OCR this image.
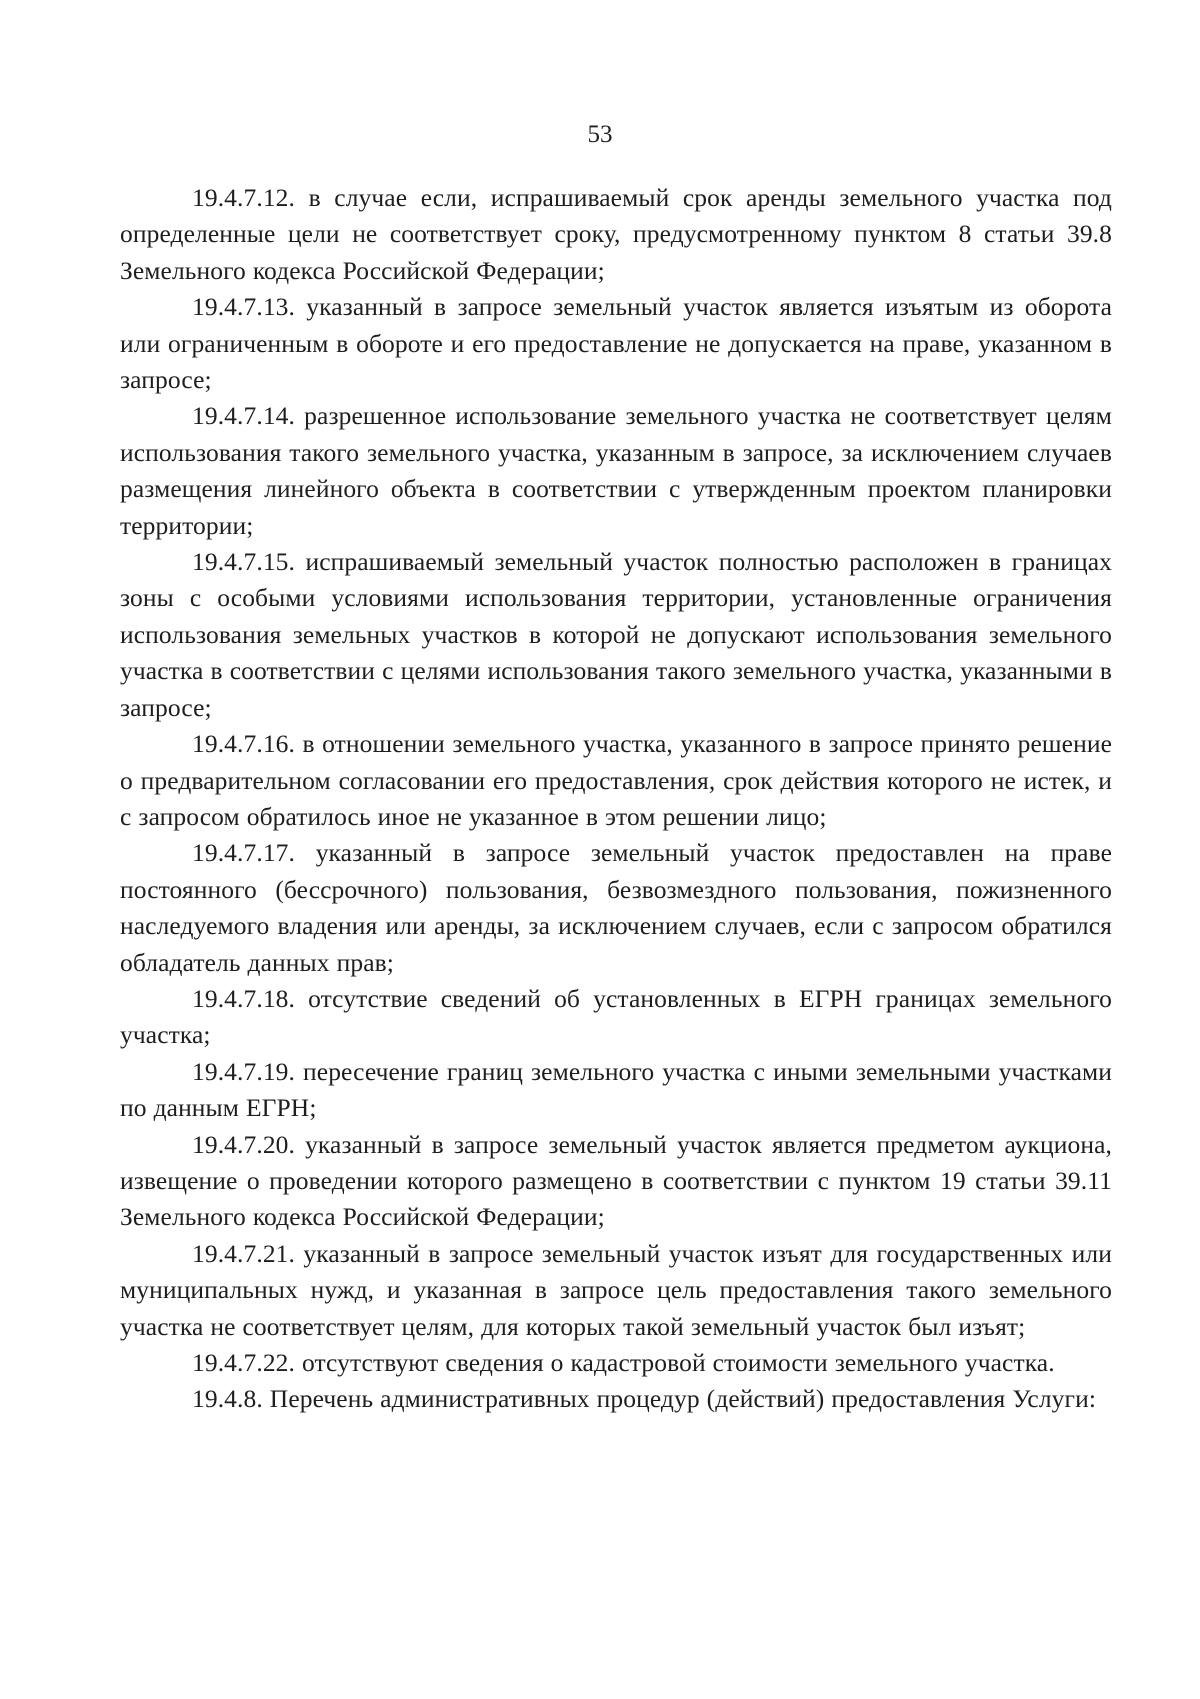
53

19.4.7.12. в случае если, испрашиваемый срок аренды земельного участка под определенные цели не соответствует сроку, предусмотренному пунктом 8 статьи 39.8 Земельного кодекса Российской Федерации;

19.4.7.13. указанный в запросе земельный участок является изъятым из оборота или ограниченным в обороте и его предоставление не допускается на праве, указанном в запросе;

19.4.7.14. разрешенное использование земельного участка не соответствует целям использования такого земельного участка, указанным в запросе, за исключением случаев размещения линейного объекта в соответствии с утвержденным проектом планировки территории;

19.4.7.15. испрашиваемый земельный участок полностью расположен в границах зоны с особыми условиями использования территории, установленные ограничения использования земельных участков в которой не допускают использования земельного участка в соответствии с целями использования такого земельного участка, указанными в запросе;

19.4.7.16. в отношении земельного участка, указанного в запросе принято решение о предварительном согласовании его предоставления, срок действия которого не истек, и с запросом обратилось иное не указанное в этом решении лицо;

19.4.7.17. указанный в запросе земельный участок предоставлен на праве постоянного (бессрочного) пользования, безвозмездного пользования, пожизненного наследуемого владения или аренды, за исключением случаев, если с запросом обратился обладатель данных прав;

19.4.7.18. отсутствие сведений об установленных в ЕГРН границах земельного участка;

19.4.7.19. пересечение границ земельного участка с иными земельными участками по данным ЕГРН;

19.4.7.20. указанный в запросе земельный участок является предметом аукциона, извещение о проведении которого размещено в соответствии с пунктом 19 статьи 39.11 Земельного кодекса Российской Федерации;

19.4.7.21. указанный в запросе земельный участок изъят для государственных или муниципальных нужд, и указанная в запросе цель предоставления такого земельного участка не соответствует целям, для которых такой земельный участок был изъят;

19.4.7.22. отсутствуют сведения о кадастровой стоимости земельного участка.

19.4.8. Перечень административных процедур (действий) предоставления Услуги:
